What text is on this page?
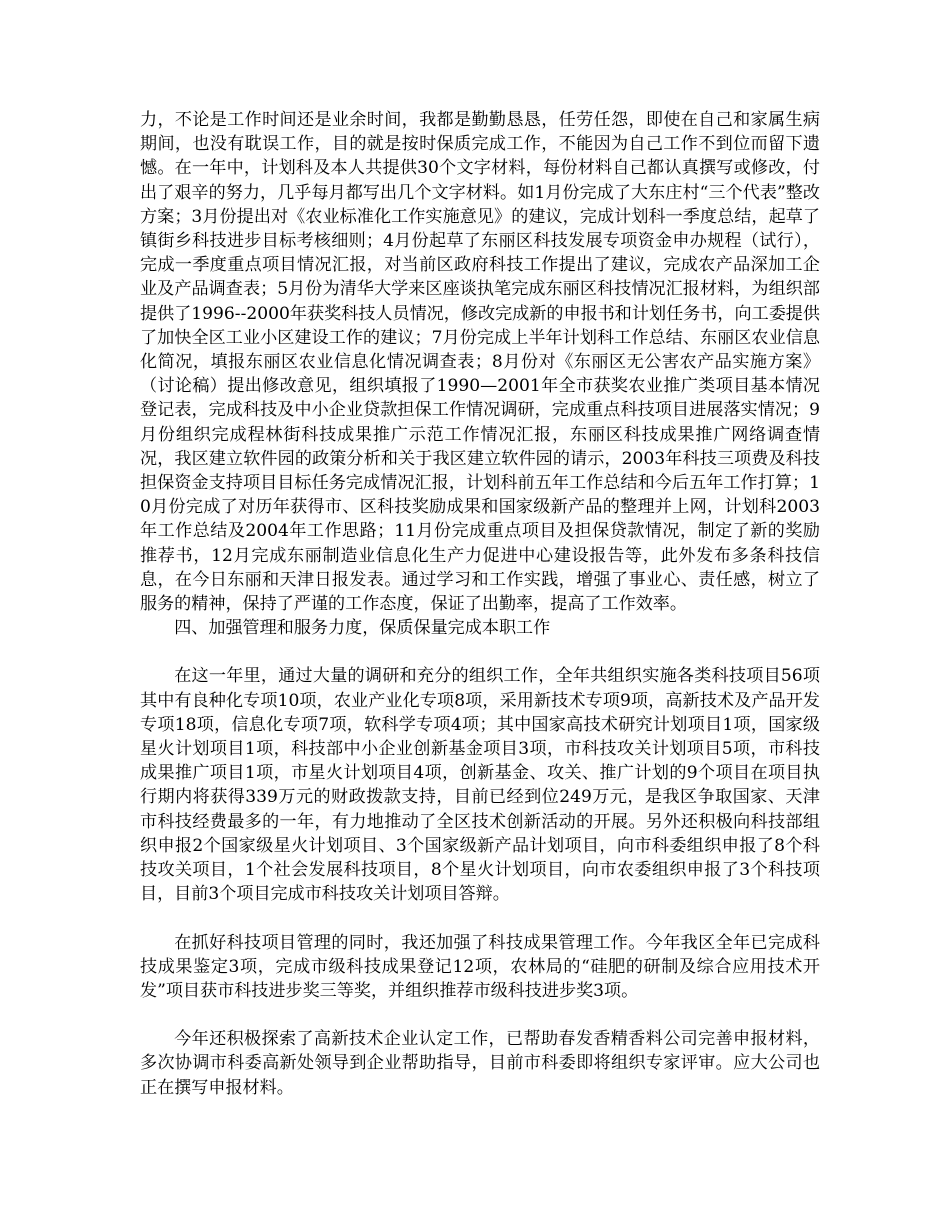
力，不论是工作时间还是业余时间，我都是勤勤恳恳，任劳任怨，即使在自己和家属生病期间，也没有耽误工作，目的就是按时保质完成工作，不能因为自己工作不到位而留下遗憾。在一年中，计划科及本人共提供30个文字材料，每份材料自己都认真撰写或修改，付出了艰辛的努力，几乎每月都写出几个文字材料。如1月份完成了大东庄村“三个代表”整改方案；3月份提出对《农业标准化工作实施意见》的建议，完成计划科一季度总结，起草了镇街乡科技进步目标考核细则；4月份起草了东丽区科技发展专项资金申办规程（试行），完成一季度重点项目情况汇报，对当前区政府科技工作提出了建议，完成农产品深加工企业及产品调查表；5月份为清华大学来区座谈执笔完成东丽区科技情况汇报材料，为组织部提供了1996--2000年获奖科技人员情况，修改完成新的申报书和计划任务书，向工委提供了加快全区工业小区建设工作的建议；7月份完成上半年计划科工作总结、东丽区农业信息化简况，填报东丽区农业信息化情况调查表；8月份对《东丽区无公害农产品实施方案》（讨论稿）提出修改意见，组织填报了1990—2001年全市获奖农业推广类项目基本情况登记表，完成科技及中小企业贷款担保工作情况调研，完成重点科技项目进展落实情况；9月份组织完成程林街科技成果推广示范工作情况汇报，东丽区科技成果推广网络调查情况，我区建立软件园的政策分析和关于我区建立软件园的请示，2003年科技三项费及科技担保资金支持项目目标任务完成情况汇报，计划科前五年工作总结和今后五年工作打算；10月份完成了对历年获得市、区科技奖励成果和国家级新产品的整理并上网，计划科2003年工作总结及2004年工作思路；11月份完成重点项目及担保贷款情况，制定了新的奖励推荐书，12月完成东丽制造业信息化生产力促进中心建设报告等，此外发布多条科技信息，在今日东丽和天津日报发表。通过学习和工作实践，增强了事业心、责任感，树立了服务的精神，保持了严谨的工作态度，保证了出勤率，提高了工作效率。

四、加强管理和服务力度，保质保量完成本职工作

在这一年里，通过大量的调研和充分的组织工作，全年共组织实施各类科技项目56项其中有良种化专项10项，农业产业化专项8项，采用新技术专项9项，高新技术及产品开发专项18项，信息化专项7项，软科学专项4项；其中国家高技术研究计划项目1项，国家级星火计划项目1项，科技部中小企业创新基金项目3项，市科技攻关计划项目5项，市科技成果推广项目1项，市星火计划项目4项，创新基金、攻关、推广计划的9个项目在项目执行期内将获得339万元的财政拨款支持，目前已经到位249万元，是我区争取国家、天津市科技经费最多的一年，有力地推动了全区技术创新活动的开展。另外还积极向科技部组织申报2个国家级星火计划项目、3个国家级新产品计划项目，向市科委组织申报了8个科技攻关项目，1个社会发展科技项目，8个星火计划项目，向市农委组织申报了3个科技项目，目前3个项目完成市科技攻关计划项目答辩。

在抓好科技项目管理的同时，我还加强了科技成果管理工作。今年我区全年已完成科技成果鉴定3项，完成市级科技成果登记12项，农林局的“硅肥的研制及综合应用技术开发”项目获市科技进步奖三等奖，并组织推荐市级科技进步奖3项。

今年还积极探索了高新技术企业认定工作，已帮助春发香精香料公司完善申报材料，多次协调市科委高新处领导到企业帮助指导，目前市科委即将组织专家评审。应大公司也正在撰写申报材料。
